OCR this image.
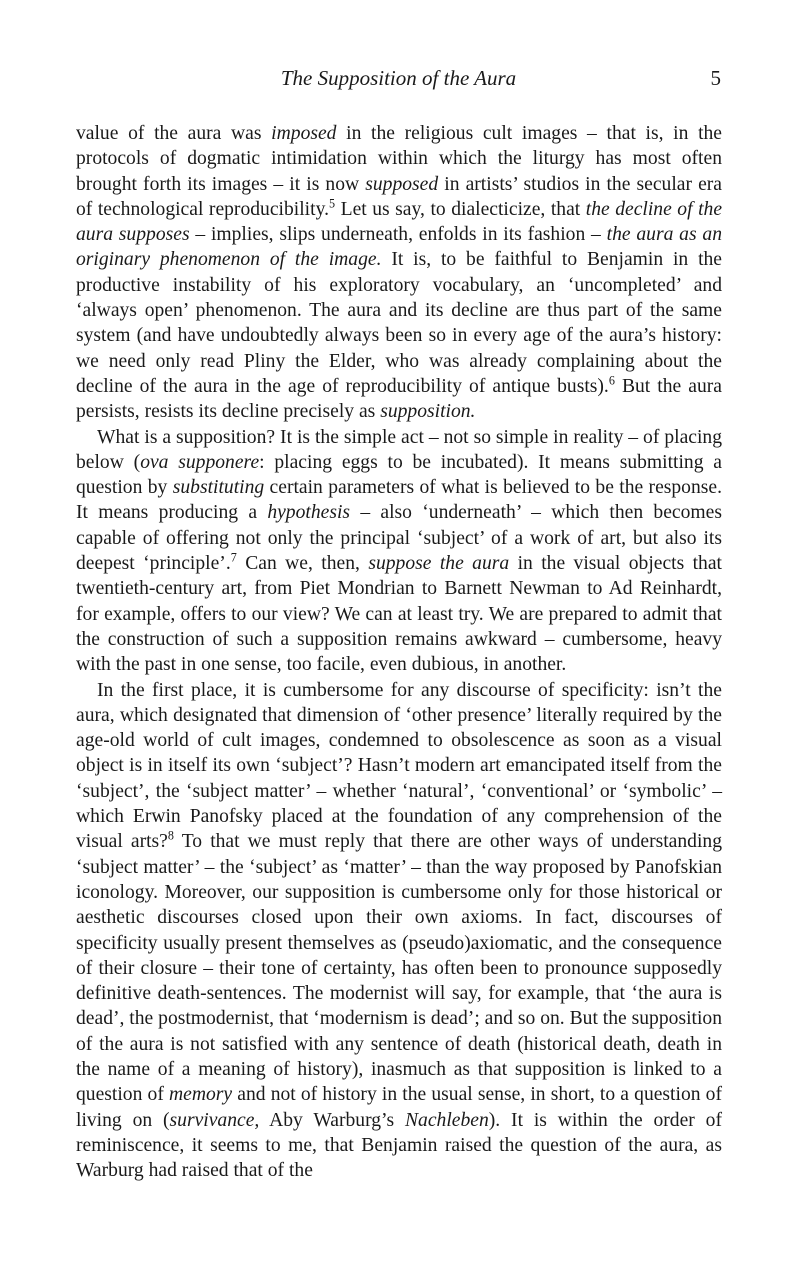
The Supposition of the Aura	5

value of the aura was imposed in the religious cult images – that is, in the protocols of dogmatic intimidation within which the liturgy has most often brought forth its images – it is now supposed in artists’ studios in the secular era of technological reproducibility.$^5$ Let us say, to dialecticize, that the decline of the aura supposes – implies, slips underneath, enfolds in its fashion – the aura as an originary phenomenon of the image. It is, to be faithful to Benjamin in the productive instability of his exploratory vocabulary, an ‘uncompleted’ and ‘always open’ phenomenon. The aura and its decline are thus part of the same system (and have undoubtedly always been so in every age of the aura’s history: we need only read Pliny the Elder, who was already complaining about the decline of the aura in the age of reproducibility of antique busts).$^6$ But the aura persists, resists its decline precisely as supposition.

What is a supposition? It is the simple act – not so simple in reality – of placing below (ova supponere: placing eggs to be incubated). It means submitting a question by substituting certain parameters of what is believed to be the response. It means producing a hypothesis – also ‘underneath’ – which then becomes capable of offering not only the principal ‘subject’ of a work of art, but also its deepest ‘principle’.$^7$ Can we, then, suppose the aura in the visual objects that twentieth-century art, from Piet Mondrian to Barnett Newman to Ad Reinhardt, for example, offers to our view? We can at least try. We are prepared to admit that the construction of such a supposition remains awkward – cumbersome, heavy with the past in one sense, too facile, even dubious, in another.

In the first place, it is cumbersome for any discourse of specificity: isn’t the aura, which designated that dimension of ‘other presence’ literally required by the age-old world of cult images, condemned to obsolescence as soon as a visual object is in itself its own ‘subject’? Hasn’t modern art emancipated itself from the ‘subject’, the ‘subject matter’ – whether ‘natural’, ‘conventional’ or ‘symbolic’ – which Erwin Panofsky placed at the foundation of any comprehension of the visual arts?$^8$ To that we must reply that there are other ways of understanding ‘subject matter’ – the ‘subject’ as ‘matter’ – than the way proposed by Panofskian iconology. Moreover, our supposition is cumbersome only for those historical or aesthetic discourses closed upon their own axioms. In fact, discourses of specificity usually present themselves as (pseudo)axiomatic, and the consequence of their closure – their tone of certainty, has often been to pronounce supposedly definitive death-sentences. The modernist will say, for example, that ‘the aura is dead’, the postmodernist, that ‘modernism is dead’; and so on. But the supposition of the aura is not satisfied with any sentence of death (historical death, death in the name of a meaning of history), inasmuch as that supposition is linked to a question of memory and not of history in the usual sense, in short, to a question of living on (survivance, Aby Warburg’s Nachleben). It is within the order of reminiscence, it seems to me, that Benjamin raised the question of the aura, as Warburg had raised that of the
